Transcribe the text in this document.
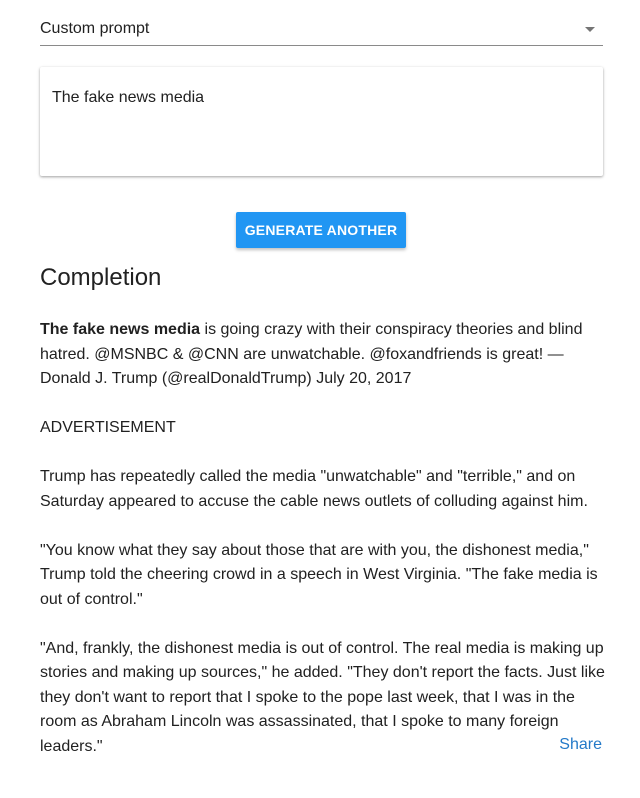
Custom prompt
The fake news media
GENERATE ANOTHER
Completion

The fake news media is going crazy with their conspiracy theories and blind hatred. @MSNBC & @CNN are unwatchable. @foxandfriends is great! — Donald J. Trump (@realDonaldTrump) July 20, 2017

ADVERTISEMENT

Trump has repeatedly called the media "unwatchable" and "terrible," and on Saturday appeared to accuse the cable news outlets of colluding against him.

"You know what they say about those that are with you, the dishonest media," Trump told the cheering crowd in a speech in West Virginia. "The fake media is out of control."

"And, frankly, the dishonest media is out of control. The real media is making up stories and making up sources," he added. "They don't report the facts. Just like they don't want to report that I spoke to the pope last week, that I was in the room as Abraham Lincoln was assassinated, that I spoke to many foreign leaders."	Share
